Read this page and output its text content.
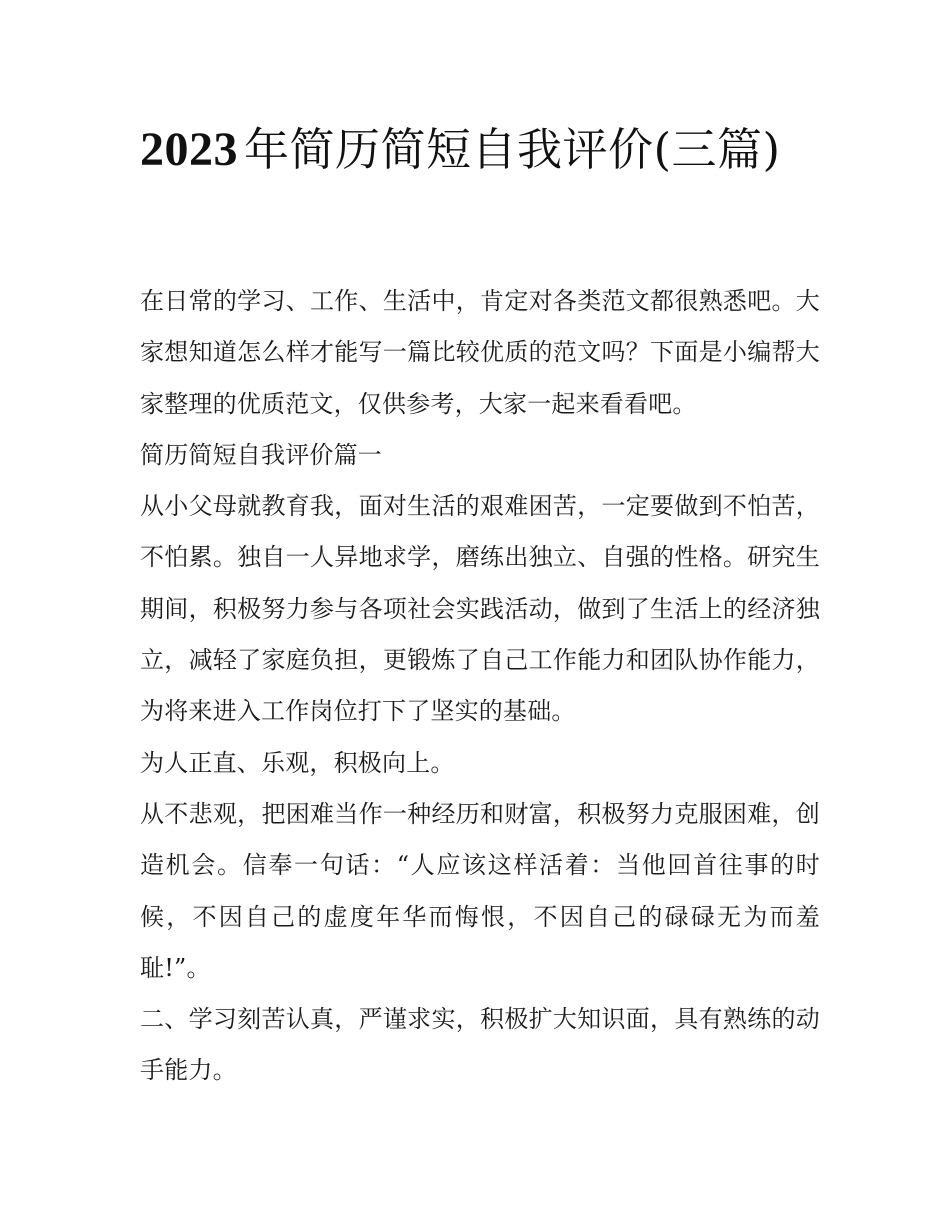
2023 年简历简短自我评价(三篇)

在日常的学习、工作、生活中，肯定对各类范文都很熟悉吧。大家想知道怎么样才能写一篇比较优质的范文吗？下面是小编帮大家整理的优质范文，仅供参考，大家一起来看看吧。

简历简短自我评价篇一

从小父母就教育我，面对生活的艰难困苦，一定要做到不怕苦，不怕累。独自一人异地求学，磨练出独立、自强的性格。研究生期间，积极努力参与各项社会实践活动，做到了生活上的经济独立，减轻了家庭负担，更锻炼了自己工作能力和团队协作能力，为将来进入工作岗位打下了坚实的基础。

为人正直、乐观，积极向上。

从不悲观，把困难当作一种经历和财富，积极努力克服困难，创造机会。信奉一句话：“人应该这样活着：当他回首往事的时候，不因自己的虚度年华而悔恨，不因自己的碌碌无为而羞耻!”。

二、学习刻苦认真，严谨求实，积极扩大知识面，具有熟练的动手能力。
